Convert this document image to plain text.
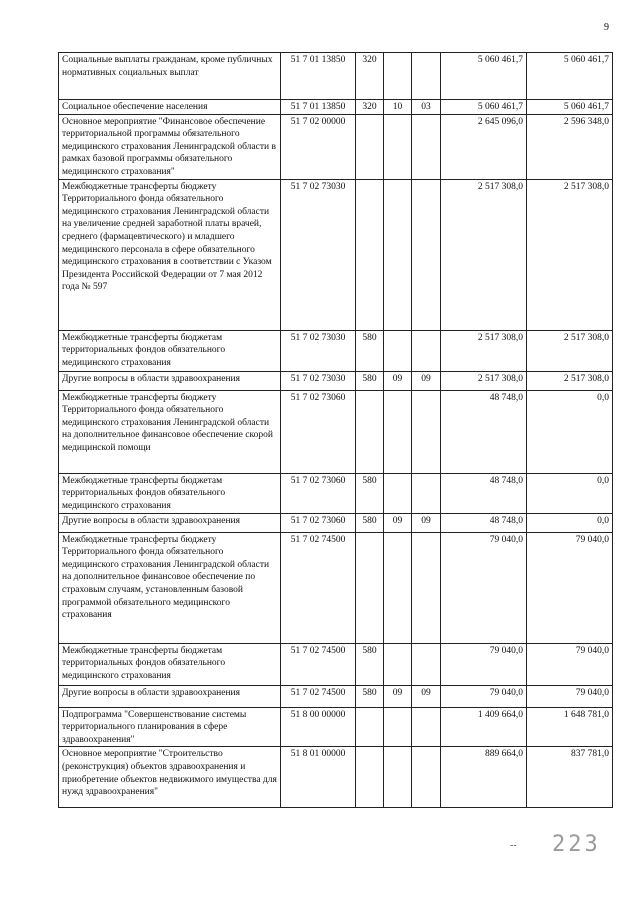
9
Социальные выплаты гражданам, кроме публичных нормативных социальных выплат	51 7 01 13850	320			5 060 461,7	5 060 461,7
Социальное обеспечение населения	51 7 01 13850	320	10	03	5 060 461,7	5 060 461,7
Основное мероприятие "Финансовое обеспечение территориальной программы обязательного медицинского страхования Ленинградской области в рамках базовой программы обязательного медицинского страхования"	51 7 02 00000				2 645 096,0	2 596 348,0
Межбюджетные трансферты бюджету Территориального фонда обязательного медицинского страхования Ленинградской области на увеличение средней заработной платы врачей, среднего (фармацевтического) и младшего медицинского персонала в сфере обязательного медицинского страхования в соответствии с Указом Президента Российской Федерации от 7 мая 2012 года № 597	51 7 02 73030				2 517 308,0	2 517 308,0
Межбюджетные трансферты бюджетам территориальных фондов обязательного медицинского страхования	51 7 02 73030	580			2 517 308,0	2 517 308,0
Другие вопросы в области здравоохранения	51 7 02 73030	580	09	09	2 517 308,0	2 517 308,0
Межбюджетные трансферты бюджету Территориального фонда обязательного медицинского страхования Ленинградской области на дополнительное финансовое обеспечение скорой медицинской помощи	51 7 02 73060				48 748,0	0,0
Межбюджетные трансферты бюджетам территориальных фондов обязательного медицинского страхования	51 7 02 73060	580			48 748,0	0,0
Другие вопросы в области здравоохранения	51 7 02 73060	580	09	09	48 748,0	0,0
Межбюджетные трансферты бюджету Территориального фонда обязательного медицинского страхования Ленинградской области на дополнительное финансовое обеспечение по страховым случаям, установленным базовой программой обязательного медицинского страхования	51 7 02 74500				79 040,0	79 040,0
Межбюджетные трансферты бюджетам территориальных фондов обязательного медицинского страхования	51 7 02 74500	580			79 040,0	79 040,0
Другие вопросы в области здравоохранения	51 7 02 74500	580	09	09	79 040,0	79 040,0
Подпрограмма "Совершенствование системы территориального планирования в сфере здравоохранения"	51 8 00 00000				1 409 664,0	1 648 781,0
Основное мероприятие "Строительство (реконструкция) объектов здравоохранения и приобретение объектов недвижимого имущества для нужд здравоохранения"	51 8 01 00000				889 664,0	837 781,0
-- 223
